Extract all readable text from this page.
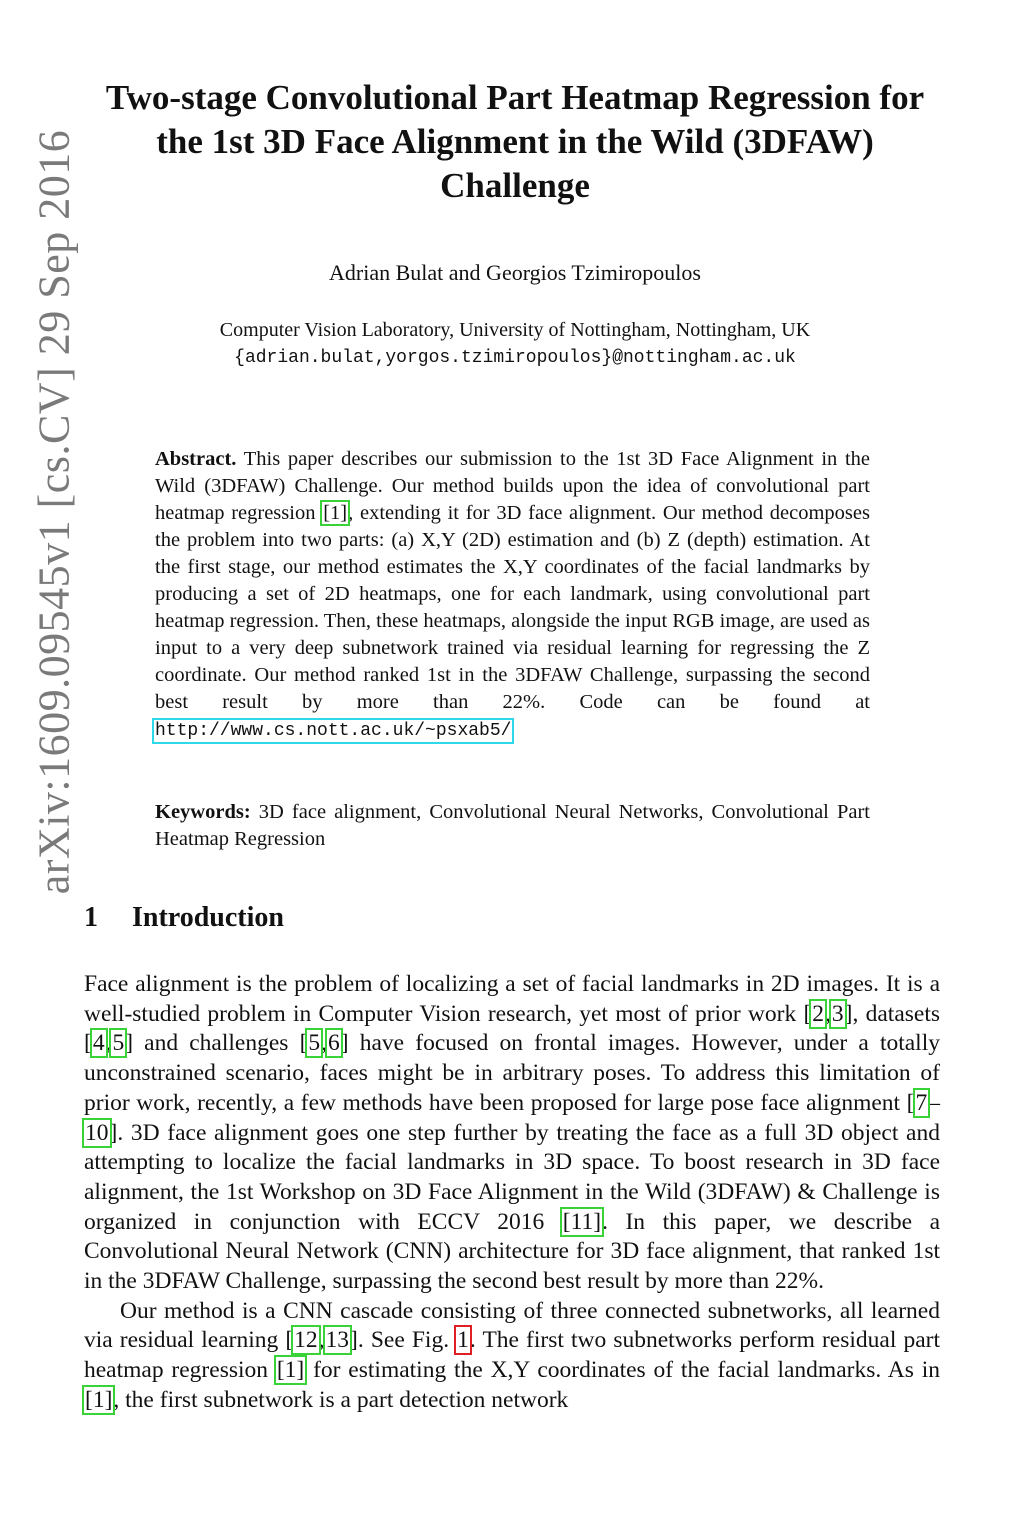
arXiv:1609.09545v1 [cs.CV] 29 Sep 2016
Two-stage Convolutional Part Heatmap Regression for the 1st 3D Face Alignment in the Wild (3DFAW) Challenge
Adrian Bulat and Georgios Tzimiropoulos
Computer Vision Laboratory, University of Nottingham, Nottingham, UK
{adrian.bulat,yorgos.tzimiropoulos}@nottingham.ac.uk

Abstract. This paper describes our submission to the 1st 3D Face Alignment in the Wild (3DFAW) Challenge. Our method builds upon the idea of convolutional part heatmap regression [1], extending it for 3D face alignment. Our method decomposes the problem into two parts: (a) X,Y (2D) estimation and (b) Z (depth) estimation. At the first stage, our method estimates the X,Y coordinates of the facial landmarks by producing a set of 2D heatmaps, one for each landmark, using convolutional part heatmap regression. Then, these heatmaps, alongside the input RGB image, are used as input to a very deep subnetwork trained via residual learning for regressing the Z coordinate. Our method ranked 1st in the 3DFAW Challenge, surpassing the second best result by more than 22%. Code can be found at http://www.cs.nott.ac.uk/~psxab5/

Keywords: 3D face alignment, Convolutional Neural Networks, Convolutional Part Heatmap Regression

1 Introduction

Face alignment is the problem of localizing a set of facial landmarks in 2D images. It is a well-studied problem in Computer Vision research, yet most of prior work [2,3], datasets [4,5] and challenges [5,6] have focused on frontal images. However, under a totally unconstrained scenario, faces might be in arbitrary poses. To address this limitation of prior work, recently, a few methods have been proposed for large pose face alignment [7–10]. 3D face alignment goes one step further by treating the face as a full 3D object and attempting to localize the facial landmarks in 3D space. To boost research in 3D face alignment, the 1st Workshop on 3D Face Alignment in the Wild (3DFAW) & Challenge is organized in conjunction with ECCV 2016 [11]. In this paper, we describe a Convolutional Neural Network (CNN) architecture for 3D face alignment, that ranked 1st in the 3DFAW Challenge, surpassing the second best result by more than 22%.

Our method is a CNN cascade consisting of three connected subnetworks, all learned via residual learning [12,13]. See Fig. 1. The first two subnetworks perform residual part heatmap regression [1] for estimating the X,Y coordinates of the facial landmarks. As in [1], the first subnetwork is a part detection network
